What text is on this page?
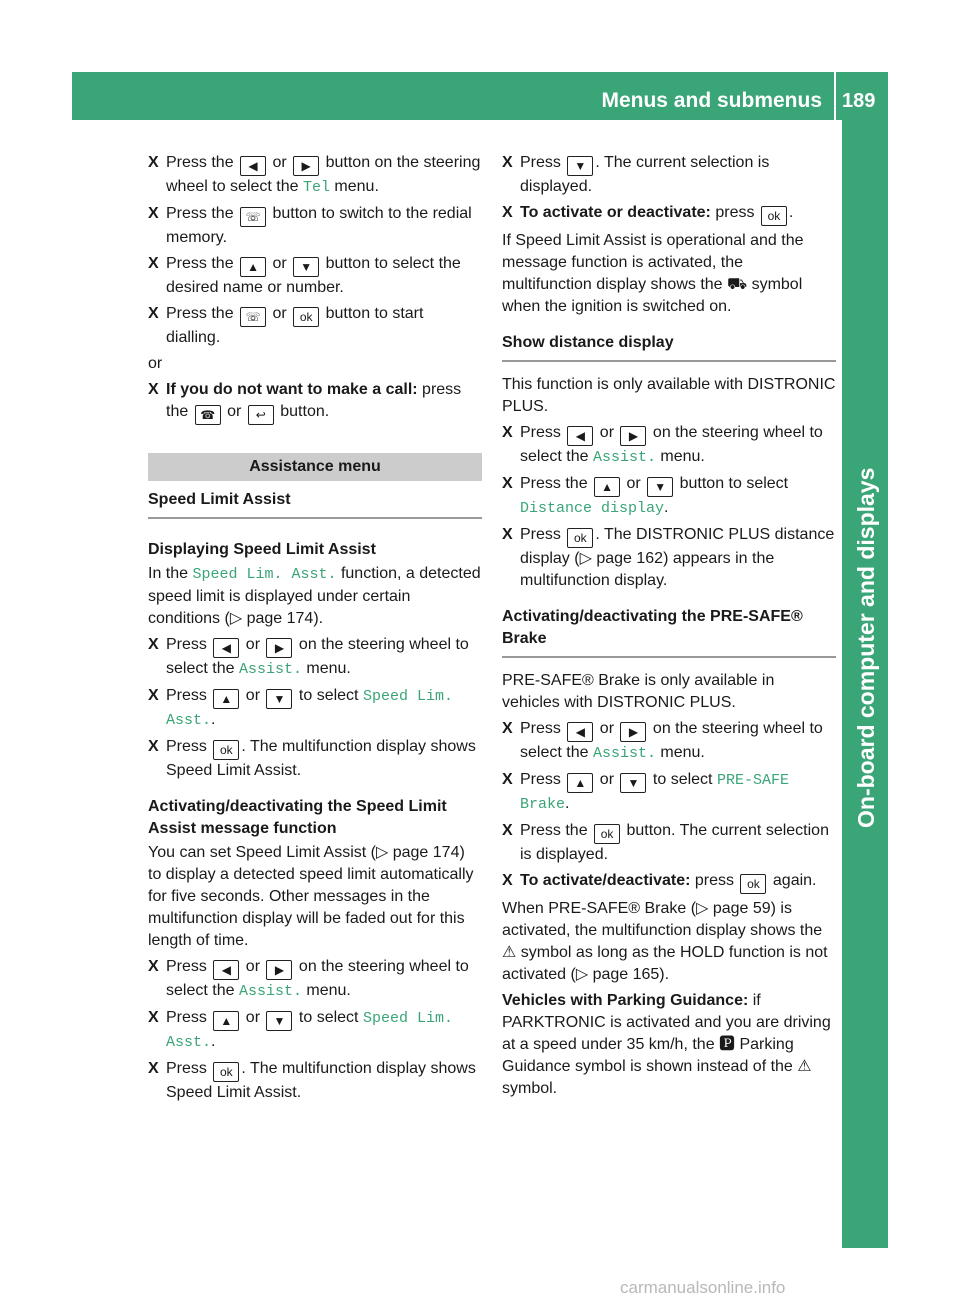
Menus and submenus 189
On-board computer and displays
X Press the ◀ or ▶ button on the steering wheel to select the Tel menu.
X Press the ☏ button to switch to the redial memory.
X Press the ▲ or ▼ button to select the desired name or number.
X Press the ☏ or ok button to start dialling.

or

X If you do not want to make a call: press the ☎ or ↩ button.
Assistance menu
Speed Limit Assist
Displaying Speed Limit Assist

In the Speed Lim. Asst. function, a detected speed limit is displayed under certain conditions (▷ page 174).

X Press ◀ or ▶ on the steering wheel to select the Assist. menu.
X Press ▲ or ▼ to select Speed Lim. Asst..
X Press ok . The multifunction display shows Speed Limit Assist.
Activating/deactivating the Speed Limit Assist message function

You can set Speed Limit Assist (▷ page 174) to display a detected speed limit automatically for five seconds. Other messages in the multifunction display will be faded out for this length of time.

X Press ◀ or ▶ on the steering wheel to select the Assist. menu.
X Press ▲ or ▼ to select Speed Lim. Asst..
X Press ok . The multifunction display shows Speed Limit Assist.
X Press ▼ . The current selection is displayed.
X To activate or deactivate: press ok .

If Speed Limit Assist is operational and the message function is activated, the multifunction display shows the ⛟ symbol when the ignition is switched on.

Show distance display

This function is only available with DISTRONIC PLUS.

X Press ◀ or ▶ on the steering wheel to select the Assist. menu.
X Press the ▲ or ▼ button to select Distance display.
X Press ok . The DISTRONIC PLUS distance display (▷ page 162) appears in the multifunction display.
Activating/deactivating the PRE-SAFE® Brake

PRE-SAFE® Brake is only available in vehicles with DISTRONIC PLUS.

X Press ◀ or ▶ on the steering wheel to select the Assist. menu.
X Press ▲ or ▼ to select PRE-SAFE Brake.
X Press the ok button. The current selection is displayed.
X To activate/deactivate: press ok again.

When PRE-SAFE® Brake (▷ page 59) is activated, the multifunction display shows the ⚠ symbol as long as the HOLD function is not activated (▷ page 165).

Vehicles with Parking Guidance: if PARKTRONIC is activated and you are driving at a speed under 35 km/h, the 🅿 Parking Guidance symbol is shown instead of the ⚠ symbol.

carmanualsonline.info
